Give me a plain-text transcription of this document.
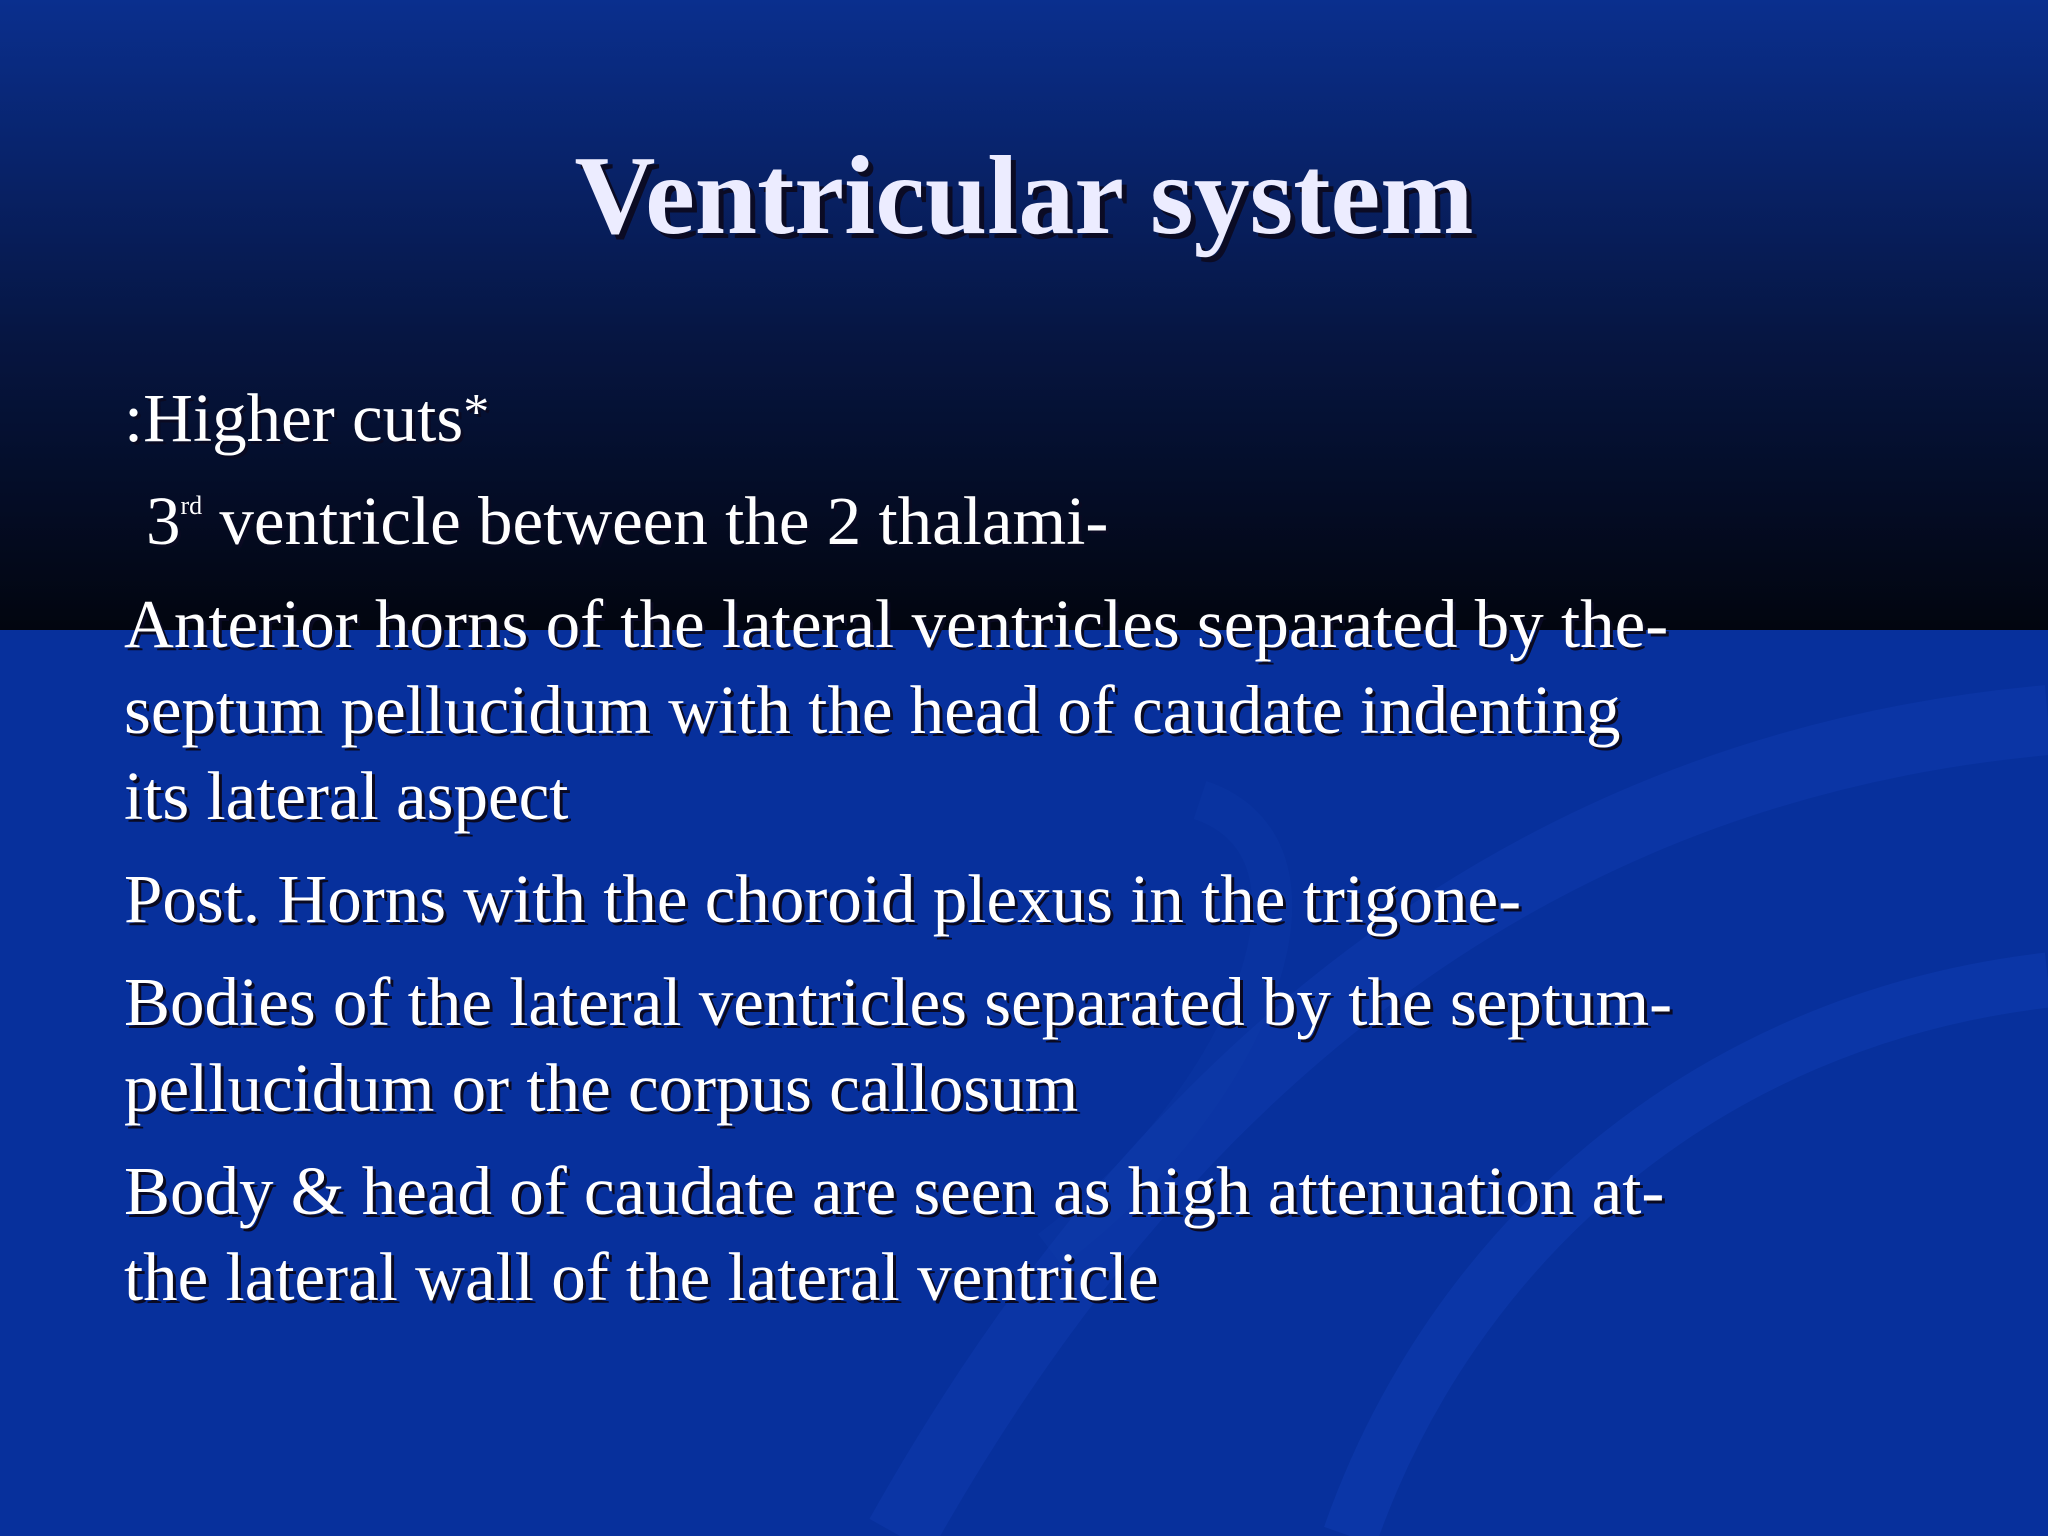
Ventricular system

:Higher cuts*

3rd ventricle between the 2 thalami-

Anterior horns of the lateral ventricles separated by the-

septum pellucidum with the head of caudate indenting

its lateral aspect

Post. Horns with the choroid plexus in the trigone-

Bodies of the lateral ventricles separated by the septum-

pellucidum or the corpus callosum

Body & head of caudate are seen as high attenuation at-

the lateral wall of the lateral ventricle
